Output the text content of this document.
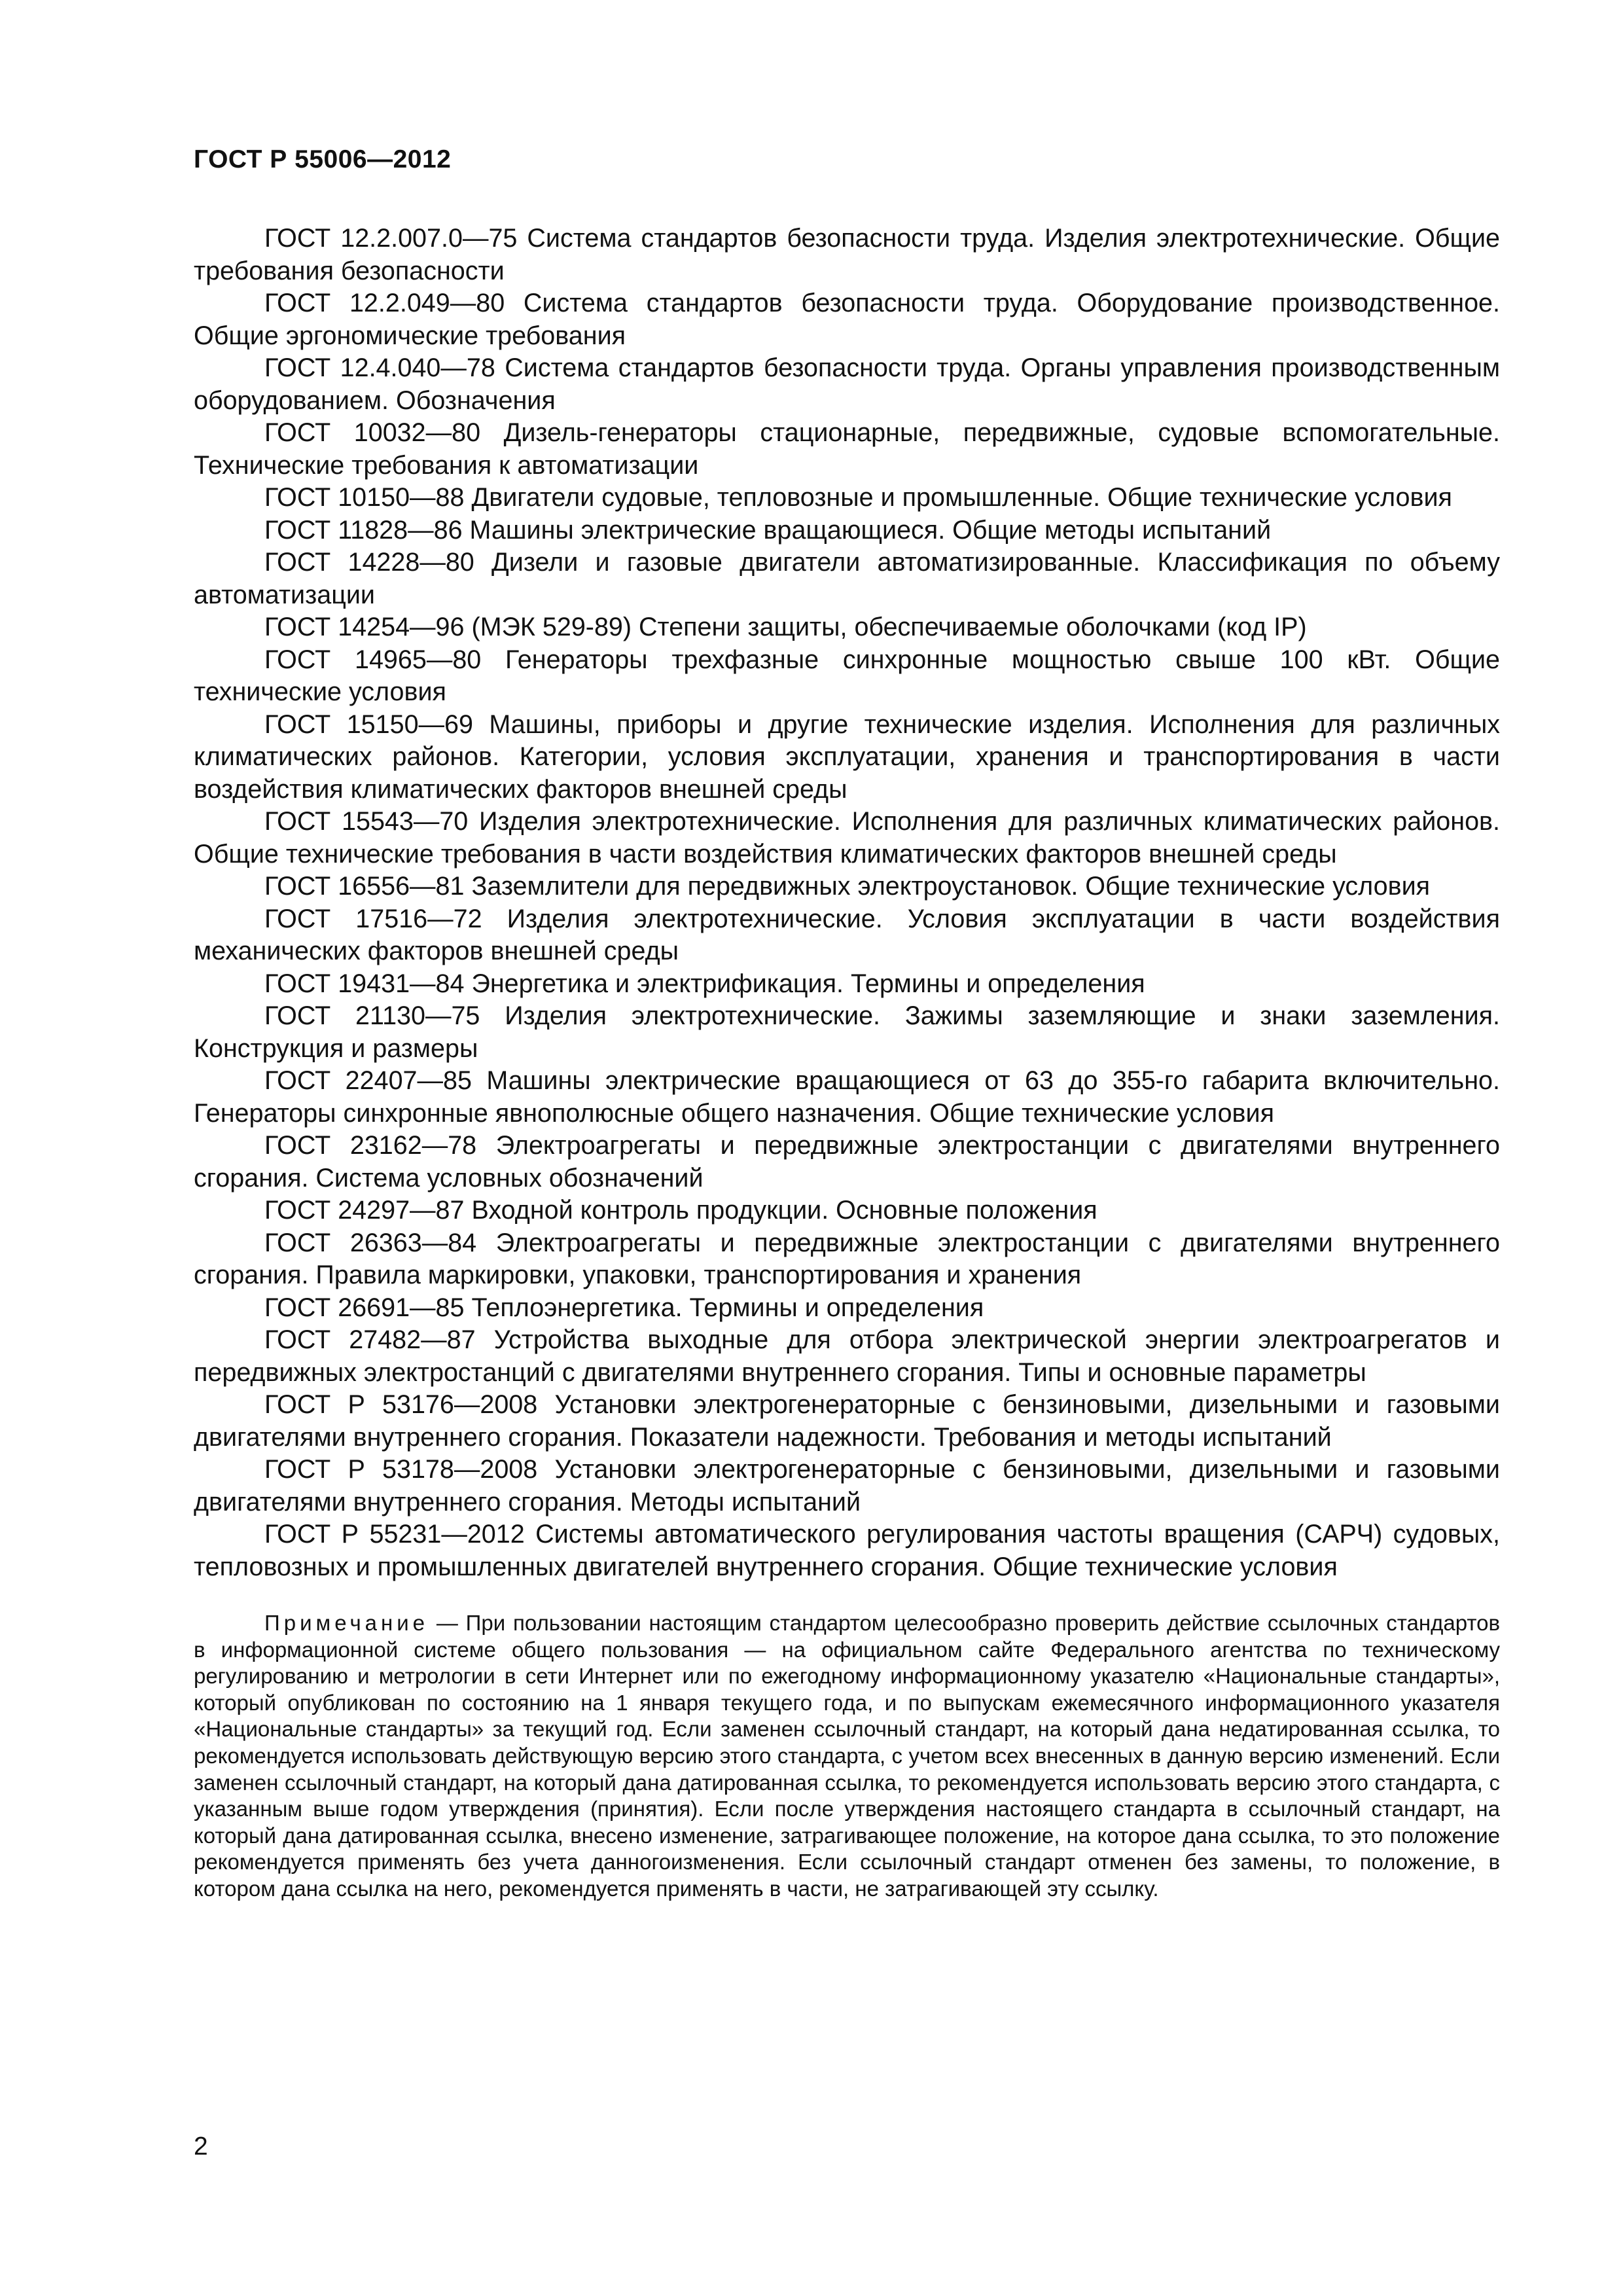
ГОСТ Р 55006—2012

ГОСТ 12.2.007.0—75 Система стандартов безопасности труда. Изделия электротехнические. Общие требования безопасности

ГОСТ 12.2.049—80 Система стандартов безопасности труда. Оборудование производственное. Общие эргономические требования

ГОСТ 12.4.040—78 Система стандартов безопасности труда. Органы управления производственным оборудованием. Обозначения

ГОСТ 10032—80 Дизель-генераторы стационарные, передвижные, судовые вспомогательные. Технические требования к автоматизации

ГОСТ 10150—88 Двигатели судовые, тепловозные и промышленные. Общие технические условия

ГОСТ 11828—86 Машины электрические вращающиеся. Общие методы испытаний

ГОСТ 14228—80 Дизели и газовые двигатели автоматизированные. Классификация по объему автоматизации

ГОСТ 14254—96 (МЭК 529-89) Степени защиты, обеспечиваемые оболочками (код IP)

ГОСТ 14965—80 Генераторы трехфазные синхронные мощностью свыше 100 кВт. Общие технические условия

ГОСТ 15150—69 Машины, приборы и другие технические изделия. Исполнения для различных климатических районов. Категории, условия эксплуатации, хранения и транспортирования в части воздействия климатических факторов внешней среды

ГОСТ 15543—70 Изделия электротехнические. Исполнения для различных климатических районов. Общие технические требования в части воздействия климатических факторов внешней среды

ГОСТ 16556—81 Заземлители для передвижных электроустановок. Общие технические условия

ГОСТ 17516—72 Изделия электротехнические. Условия эксплуатации в части воздействия механических факторов внешней среды

ГОСТ 19431—84 Энергетика и электрификация. Термины и определения

ГОСТ 21130—75 Изделия электротехнические. Зажимы заземляющие и знаки заземления. Конструкция и размеры

ГОСТ 22407—85 Машины электрические вращающиеся от 63 до 355-го габарита включительно. Генераторы синхронные явнополюсные общего назначения. Общие технические условия

ГОСТ 23162—78 Электроагрегаты и передвижные электростанции с двигателями внутреннего сгорания. Система условных обозначений

ГОСТ 24297—87 Входной контроль продукции. Основные положения

ГОСТ 26363—84 Электроагрегаты и передвижные электростанции с двигателями внутреннего сгорания. Правила маркировки, упаковки, транспортирования и хранения

ГОСТ 26691—85 Теплоэнергетика. Термины и определения

ГОСТ 27482—87 Устройства выходные для отбора электрической энергии электроагрегатов и передвижных электростанций с двигателями внутреннего сгорания. Типы и основные параметры

ГОСТ Р 53176—2008 Установки электрогенераторные с бензиновыми, дизельными и газовыми двигателями внутреннего сгорания. Показатели надежности. Требования и методы испытаний

ГОСТ Р 53178—2008 Установки электрогенераторные с бензиновыми, дизельными и газовыми двигателями внутреннего сгорания. Методы испытаний

ГОСТ Р 55231—2012 Системы автоматического регулирования частоты вращения (САРЧ) судовых, тепловозных и промышленных двигателей внутреннего сгорания. Общие технические условия

Примечание — При пользовании настоящим стандартом целесообразно проверить действие ссылочных стандартов в информационной системе общего пользования — на официальном сайте Федерального агентства по техническому регулированию и метрологии в сети Интернет или по ежегодному информационному указателю «Национальные стандарты», который опубликован по состоянию на 1 января текущего года, и по выпускам ежемесячного информационного указателя «Национальные стандарты» за текущий год. Если заменен ссылочный стандарт, на который дана недатированная ссылка, то рекомендуется использовать действующую версию этого стандарта, с учетом всех внесенных в данную версию изменений. Если заменен ссылочный стандарт, на который дана датированная ссылка, то рекомендуется использовать версию этого стандарта, с указанным выше годом утверждения (принятия). Если после утверждения настоящего стандарта в ссылочный стандарт, на который дана датированная ссылка, внесено изменение, затрагивающее положение, на которое дана ссылка, то это положение рекомендуется применять без учета данногоизменения. Если ссылочный стандарт отменен без замены, то положение, в котором дана ссылка на него, рекомендуется применять в части, не затрагивающей эту ссылку.

2
